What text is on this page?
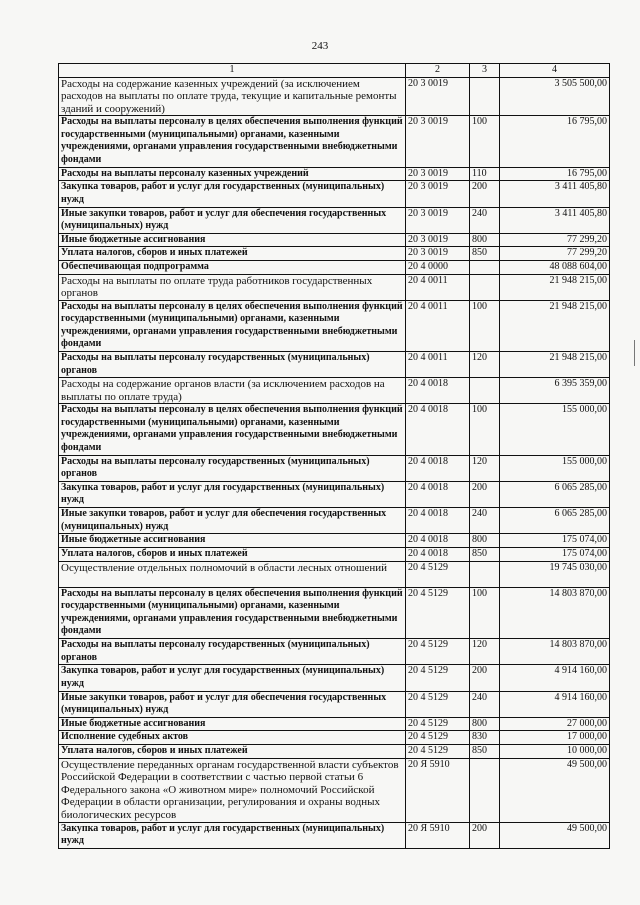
243
1	2	3	4
Расходы на содержание казенных учреждений (за исключением расходов на выплаты по оплате труда, текущие и капитальные ремонты зданий и сооружений)	20 3 0019		3 505 500,00
Расходы на выплаты персоналу в целях обеспечения выполнения функций государственными (муниципальными) органами, казенными учреждениями, органами управления государственными внебюджетными фондами	20 3 0019	100	16 795,00
Расходы на выплаты персоналу казенных учреждений	20 3 0019	110	16 795,00
Закупка товаров, работ и услуг для государственных (муниципальных) нужд	20 3 0019	200	3 411 405,80
Иные закупки товаров, работ и услуг для обеспечения государственных (муниципальных) нужд	20 3 0019	240	3 411 405,80
Иные бюджетные ассигнования	20 3 0019	800	77 299,20
Уплата налогов, сборов и иных платежей	20 3 0019	850	77 299,20
Обеспечивающая подпрограмма	20 4 0000		48 088 604,00
Расходы на выплаты по оплате труда работников государственных органов	20 4 0011		21 948 215,00
Расходы на выплаты персоналу в целях обеспечения выполнения функций государственными (муниципальными) органами, казенными учреждениями, органами управления государственными внебюджетными фондами	20 4 0011	100	21 948 215,00
Расходы на выплаты персоналу государственных (муниципальных) органов	20 4 0011	120	21 948 215,00
Расходы на содержание органов власти (за исключением расходов на выплаты по оплате труда)	20 4 0018		6 395 359,00
Расходы на выплаты персоналу в целях обеспечения выполнения функций государственными (муниципальными) органами, казенными учреждениями, органами управления государственными внебюджетными фондами	20 4 0018	100	155 000,00
Расходы на выплаты персоналу государственных (муниципальных) органов	20 4 0018	120	155 000,00
Закупка товаров, работ и услуг для государственных (муниципальных) нужд	20 4 0018	200	6 065 285,00
Иные закупки товаров, работ и услуг для обеспечения государственных (муниципальных) нужд	20 4 0018	240	6 065 285,00
Иные бюджетные ассигнования	20 4 0018	800	175 074,00
Уплата налогов, сборов и иных платежей	20 4 0018	850	175 074,00
Осуществление отдельных полномочий в области лесных отношений	20 4 5129		19 745 030,00
Расходы на выплаты персоналу в целях обеспечения выполнения функций государственными (муниципальными) органами, казенными учреждениями, органами управления государственными внебюджетными фондами	20 4 5129	100	14 803 870,00
Расходы на выплаты персоналу государственных (муниципальных) органов	20 4 5129	120	14 803 870,00
Закупка товаров, работ и услуг для государственных (муниципальных) нужд	20 4 5129	200	4 914 160,00
Иные закупки товаров, работ и услуг для обеспечения государственных (муниципальных) нужд	20 4 5129	240	4 914 160,00
Иные бюджетные ассигнования	20 4 5129	800	27 000,00
Исполнение судебных актов	20 4 5129	830	17 000,00
Уплата налогов, сборов и иных платежей	20 4 5129	850	10 000,00
Осуществление переданных органам государственной власти субъектов Российской Федерации в соответствии с частью первой статьи 6 Федерального закона «О животном мире» полномочий Российской Федерации в области организации, регулирования и охраны водных биологических ресурсов	20 Я 5910		49 500,00
Закупка товаров, работ и услуг для государственных (муниципальных) нужд	20 Я 5910	200	49 500,00
